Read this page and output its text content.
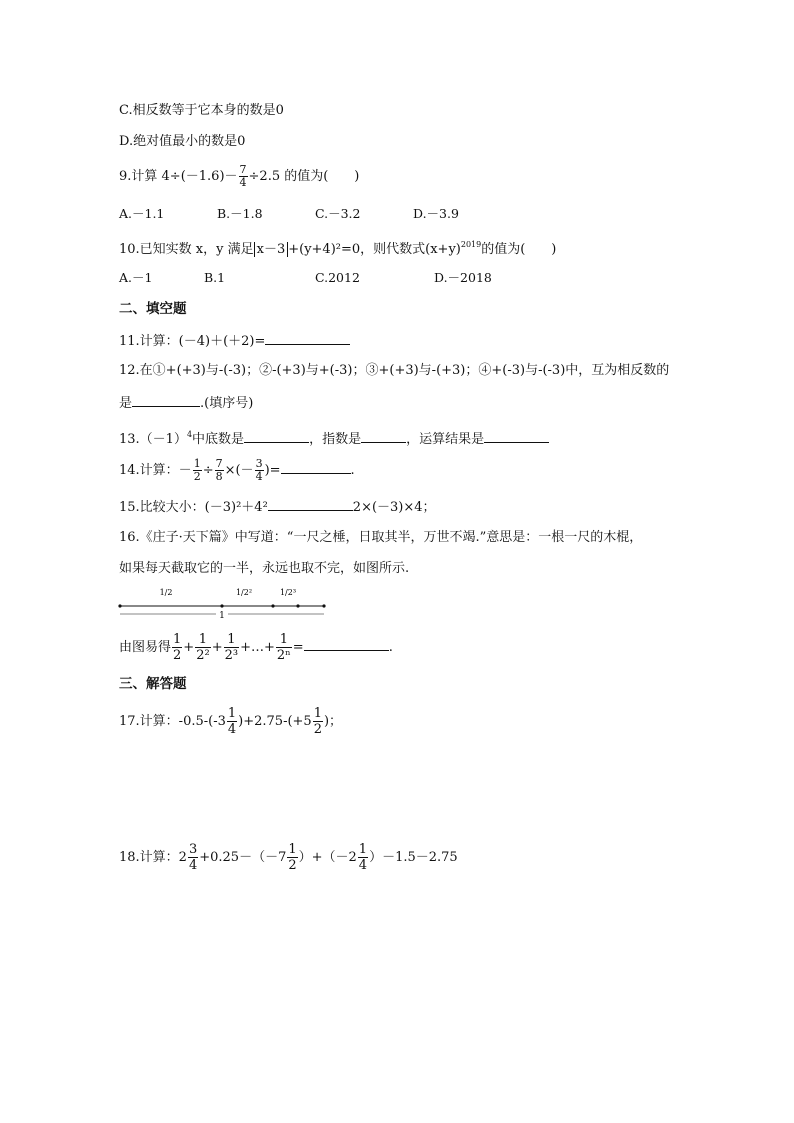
C.相反数等于它本身的数是0
D.绝对值最小的数是0
9.计算 $4\div(-1.6)- \frac{7}{4} \div 2.5$ 的值为(　　)
A.－1.1	B.－1.8	C.－3.2	D.－3.9
10.已知实数 x，y 满足 x－3 +(y+4)²=0，则代数式$(x+y)^{2019}$的值为(　　)
A.－1	B.1	C.2012	D.－2018
二、填空题
11.计算：(－4)＋(＋2)=
12.在①+(+3)与-(-3)；②-(+3)与+(-3)；③+(+3)与-(+3)；④+(-3)与-(-3)中，互为相反数的
是	.(填序号)
$13.(-1)^4$中底数是	，指数是	，运算结果是
14.计算：－ $\frac{1}{2} \div \frac{7}{8}$ ×(－ $\frac{3}{4}$ )=	.
15.比较大小：(－3)²＋4²	2×(－3)×4；
16.《庄子·天下篇》中写道：“一尺之棰，日取其半，万世不竭.”意思是：一根一尺的木棍，
如果每天截取它的一半，永远也取不完，如图所示.
1/2	1/2²	1/2³
1
由图易得 $\frac{1}{2} + \frac{1}{\text{2²}} + \frac{1}{\text{2³}}$ +…+ $\frac{1}{\text{2ⁿ}}$ =	.
三、解答题
17.计算：$-0.5-(-3 \frac{1}{4} )+2.75-(+5 \frac{1}{2}$ )；
18.计算：$2 \frac{3}{4} +0.25-(-7 \frac{1}{2} )+(-2 \frac{1}{4} )-1.5-2.75$
